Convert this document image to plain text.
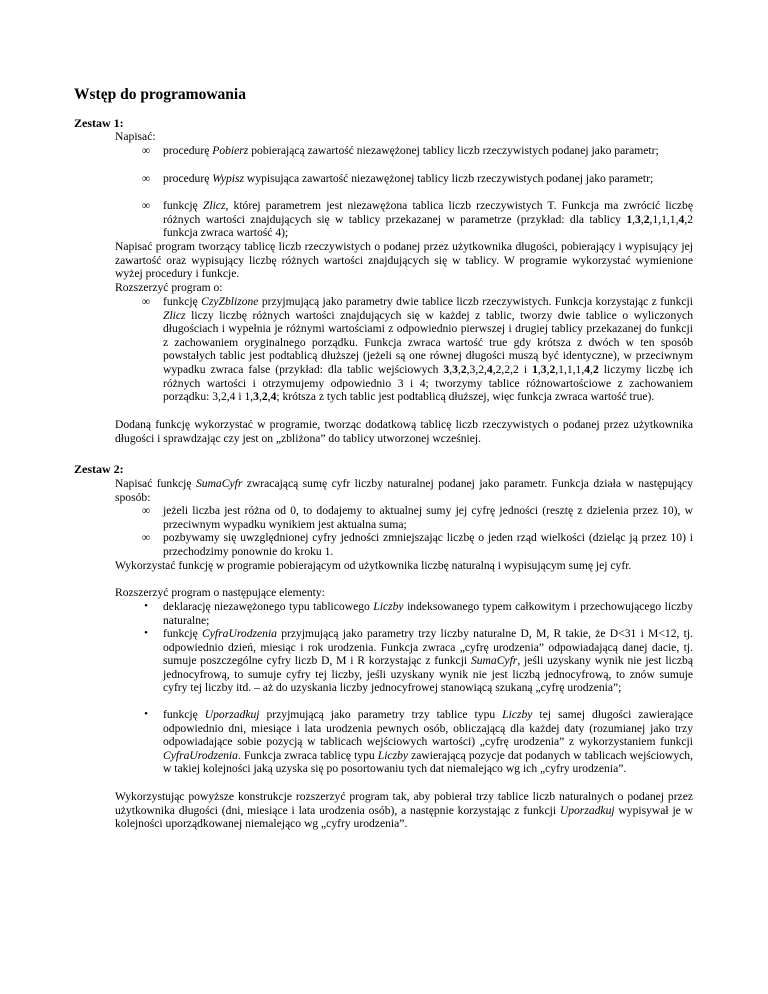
Wstęp do programowania
Zestaw 1:

Napisać:

∞ procedurę Pobierz pobierającą zawartość niezawężonej tablicy liczb rzeczywistych podanej jako parametr;
∞ procedurę Wypisz wypisująca zawartość niezawężonej tablicy liczb rzeczywistych podanej jako parametr;
∞ funkcję Zlicz, której parametrem jest niezawężona tablica liczb rzeczywistych T. Funkcja ma zwrócić liczbę różnych wartości znajdujących się w tablicy przekazanej w parametrze (przykład: dla tablicy 1,3,2,1,1,1,4,2 funkcja zwraca wartość 4);

Napisać program tworzący tablicę liczb rzeczywistych o podanej przez użytkownika długości, pobierający i wypisujący jej zawartość oraz wypisujący liczbę różnych wartości znajdujących się w tablicy. W programie wykorzystać wymienione wyżej procedury i funkcje.

Rozszerzyć program o:

∞ funkcję CzyZblizone przyjmującą jako parametry dwie tablice liczb rzeczywistych. Funkcja korzystając z funkcji Zlicz liczy liczbę różnych wartości znajdujących się w każdej z tablic, tworzy dwie tablice o wyliczonych długościach i wypełnia je różnymi wartościami z odpowiednio pierwszej i drugiej tablicy przekazanej do funkcji z zachowaniem oryginalnego porządku. Funkcja zwraca wartość true gdy krótsza z dwóch w ten sposób powstałych tablic jest podtablicą dłuższej (jeżeli są one równej długości muszą być identyczne), w przeciwnym wypadku zwraca false (przykład: dla tablic wejściowych 3,3,2,3,2,4,2,2,2 i 1,3,2,1,1,1,4,2 liczymy liczbę ich różnych wartości i otrzymujemy odpowiednio 3 i 4; tworzymy tablice różnowartościowe z zachowaniem porządku: 3,2,4 i 1,3,2,4; krótsza z tych tablic jest podtablicą dłuższej, więc funkcja zwraca wartość true).

Dodaną funkcję wykorzystać w programie, tworząc dodatkową tablicę liczb rzeczywistych o podanej przez użytkownika długości i sprawdzając czy jest on „zbliżona” do tablicy utworzonej wcześniej.

Zestaw 2:

Napisać funkcję SumaCyfr zwracającą sumę cyfr liczby naturalnej podanej jako parametr. Funkcja działa w następujący sposób:

∞ jeżeli liczba jest różna od 0, to dodajemy to aktualnej sumy jej cyfrę jedności (resztę z dzielenia przez 10), w przeciwnym wypadku wynikiem jest aktualna suma;
∞ pozbywamy się uwzględnionej cyfry jedności zmniejszając liczbę o jeden rząd wielkości (dzieląc ją przez 10) i przechodzimy ponownie do kroku 1.

Wykorzystać funkcję w programie pobierającym od użytkownika liczbę naturalną i wypisującym sumę jej cyfr.

Rozszerzyć program o następujące elementy:

•	deklarację niezawężonego typu tablicowego Liczby indeksowanego typem całkowitym i przechowującego liczby naturalne;
•	funkcję CyfraUrodzenia przyjmującą jako parametry trzy liczby naturalne D, M, R takie, że D<31 i M<12, tj. odpowiednio dzień, miesiąc i rok urodzenia. Funkcja zwraca „cyfrę urodzenia” odpowiadającą danej dacie, tj. sumuje poszczególne cyfry liczb D, M i R korzystając z funkcji SumaCyfr, jeśli uzyskany wynik nie jest liczbą jednocyfrową, to sumuje cyfry tej liczby, jeśli uzyskany wynik nie jest liczbą jednocyfrową, to znów sumuje cyfry tej liczby itd. – aż do uzyskania liczby jednocyfrowej stanowiącą szukaną „cyfrę urodzenia”;
•	funkcję Uporzadkuj przyjmującą jako parametry trzy tablice typu Liczby tej samej długości zawierające odpowiednio dni, miesiące i lata urodzenia pewnych osób, obliczającą dla każdej daty (rozumianej jako trzy odpowiadające sobie pozycją w tablicach wejściowych wartości) „cyfrę urodzenia” z wykorzystaniem funkcji CyfraUrodzenia. Funkcja zwraca tablicę typu Liczby zawierającą pozycje dat podanych w tablicach wejściowych, w takiej kolejności jaką uzyska się po posortowaniu tych dat niemalejąco wg ich „cyfry urodzenia”.

Wykorzystując powyższe konstrukcje rozszerzyć program tak, aby pobierał trzy tablice liczb naturalnych o podanej przez użytkownika długości (dni, miesiące i lata urodzenia osób), a następnie korzystając z funkcji Uporzadkuj wypisywał je w kolejności uporządkowanej niemalejąco wg „cyfry urodzenia”.
